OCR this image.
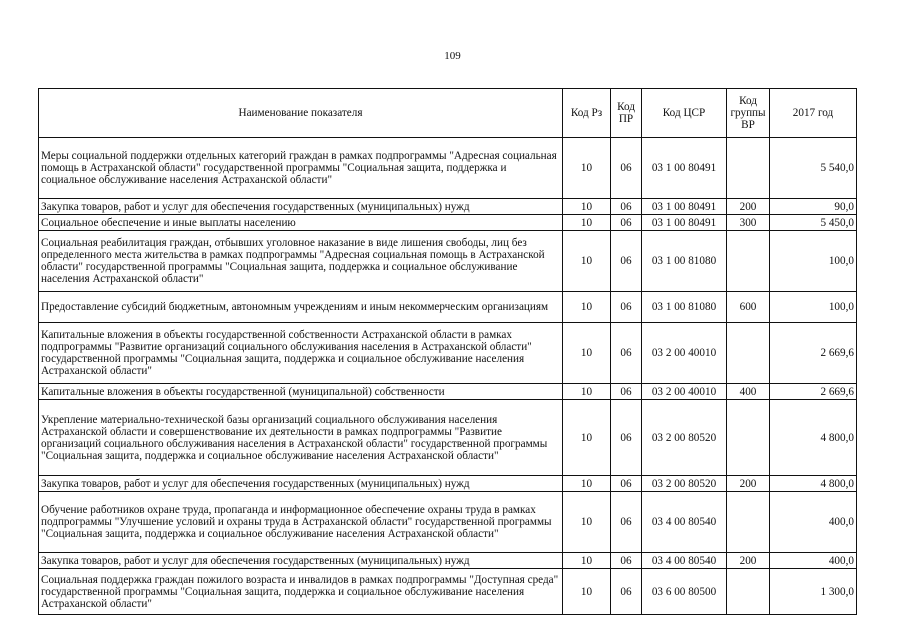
109
Наименование показателя	Код Рз	Код ПР	Код ЦСР	Код группы ВР	2017 год
Меры социальной поддержки отдельных категорий граждан в рамках подпрограммы "Адресная социальная помощь в Астраханской области" государственной программы "Социальная защита, поддержка и социальное обслуживание населения Астраханской области"	10	06	03 1 00 80491		5 540,0
Закупка товаров, работ и услуг для обеспечения государственных (муниципальных) нужд	10	06	03 1 00 80491	200	90,0
Социальное обеспечение и иные выплаты населению	10	06	03 1 00 80491	300	5 450,0
Социальная реабилитация граждан, отбывших уголовное наказание в виде лишения свободы, лиц без определенного места жительства в рамках подпрограммы "Адресная социальная помощь в Астраханской области" государственной программы "Социальная защита, поддержка и социальное обслуживание населения Астраханской области"	10	06	03 1 00 81080		100,0
Предоставление субсидий бюджетным, автономным учреждениям и иным некоммерческим организациям	10	06	03 1 00 81080	600	100,0
Капитальные вложения в объекты государственной собственности Астраханской области в рамках подпрограммы "Развитие организаций социального обслуживания населения в Астраханской области" государственной программы "Социальная защита, поддержка и социальное обслуживание населения Астраханской области"	10	06	03 2 00 40010		2 669,6
Капитальные вложения в объекты государственной (муниципальной) собственности	10	06	03 2 00 40010	400	2 669,6
Укрепление материально-технической базы организаций социального обслуживания населения Астраханской области и совершенствование их деятельности в рамках подпрограммы "Развитие организаций социального обслуживания населения в Астраханской области" государственной программы "Социальная защита, поддержка и социальное обслуживание населения Астраханской области"	10	06	03 2 00 80520		4 800,0
Закупка товаров, работ и услуг для обеспечения государственных (муниципальных) нужд	10	06	03 2 00 80520	200	4 800,0
Обучение работников охране труда, пропаганда и информационное обеспечение охраны труда в рамках подпрограммы "Улучшение условий и охраны труда в Астраханской области" государственной программы "Социальная защита, поддержка и социальное обслуживание населения Астраханской области"	10	06	03 4 00 80540		400,0
Закупка товаров, работ и услуг для обеспечения государственных (муниципальных) нужд	10	06	03 4 00 80540	200	400,0
Социальная поддержка граждан пожилого возраста и инвалидов в рамках подпрограммы "Доступная среда" государственной программы "Социальная защита, поддержка и социальное обслуживание населения Астраханской области"	10	06	03 6 00 80500		1 300,0
